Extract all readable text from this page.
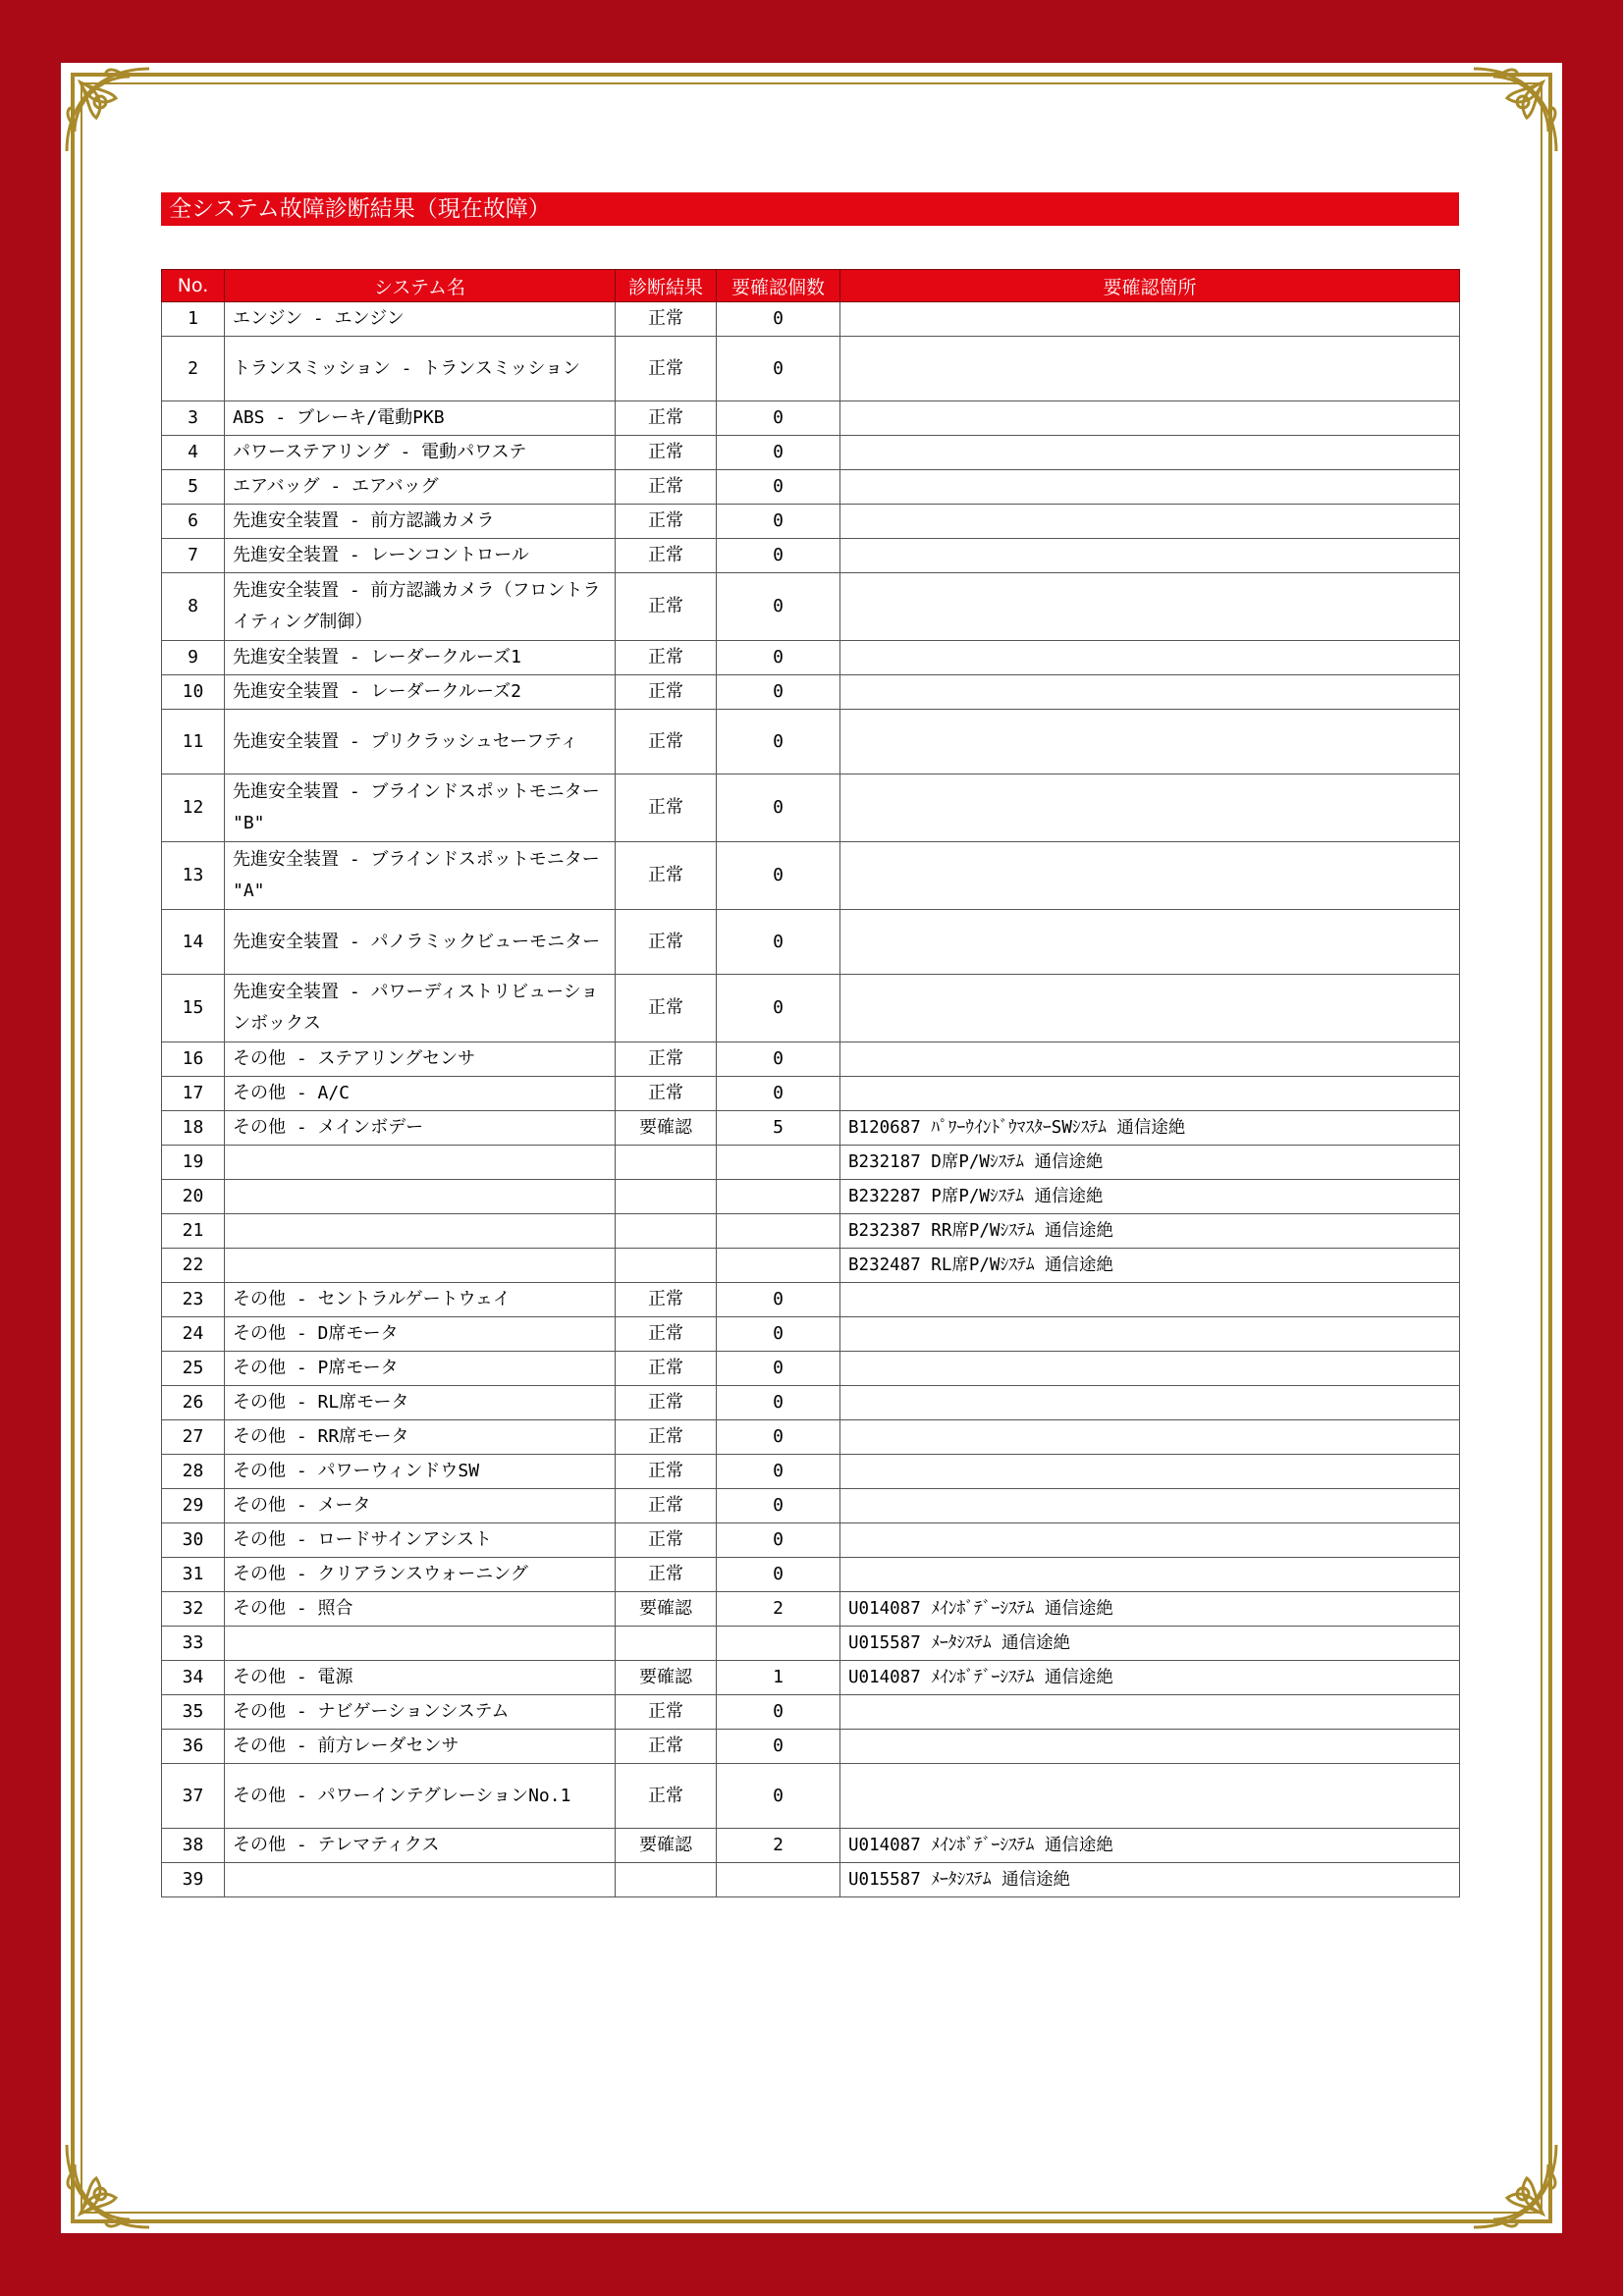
全システム故障診断結果（現在故障）
No.	システム名	診断結果	要確認個数	要確認箇所
1	エンジン - エンジン	正常	0	
2	トランスミッション - トランスミッション	正常	0	
3	ABS - ブレーキ/電動PKB	正常	0	
4	パワーステアリング - 電動パワステ	正常	0	
5	エアバッグ - エアバッグ	正常	0	
6	先進安全装置 - 前方認識カメラ	正常	0	
7	先進安全装置 - レーンコントロール	正常	0	
8	先進安全装置 - 前方認識カメラ（フロントライティング制御）	正常	0	
9	先進安全装置 - レーダークルーズ1	正常	0	
10	先進安全装置 - レーダークルーズ2	正常	0	
11	先進安全装置 - プリクラッシュセーフティ	正常	0	
12	先進安全装置 - ブラインドスポットモニター "B"	正常	0	
13	先進安全装置 - ブラインドスポットモニター "A"	正常	0	
14	先進安全装置 - パノラミックビューモニター	正常	0	
15	先進安全装置 - パワーディストリビューションボックス	正常	0	
16	その他 - ステアリングセンサ	正常	0	
17	その他 - A/C	正常	0	
18	その他 - メインボデー	要確認	5	B120687 ﾊﾟﾜｰｳｲﾝﾄﾞｳﾏｽﾀｰSWｼｽﾃﾑ 通信途絶
19				B232187 D席P/Wｼｽﾃﾑ 通信途絶
20				B232287 P席P/Wｼｽﾃﾑ 通信途絶
21				B232387 RR席P/Wｼｽﾃﾑ 通信途絶
22				B232487 RL席P/Wｼｽﾃﾑ 通信途絶
23	その他 - セントラルゲートウェイ	正常	0	
24	その他 - D席モータ	正常	0	
25	その他 - P席モータ	正常	0	
26	その他 - RL席モータ	正常	0	
27	その他 - RR席モータ	正常	0	
28	その他 - パワーウィンドウSW	正常	0	
29	その他 - メータ	正常	0	
30	その他 - ロードサインアシスト	正常	0	
31	その他 - クリアランスウォーニング	正常	0	
32	その他 - 照合	要確認	2	U014087 ﾒｲﾝﾎﾞﾃﾞｰｼｽﾃﾑ 通信途絶
33				U015587 ﾒｰﾀｼｽﾃﾑ 通信途絶
34	その他 - 電源	要確認	1	U014087 ﾒｲﾝﾎﾞﾃﾞｰｼｽﾃﾑ 通信途絶
35	その他 - ナビゲーションシステム	正常	0	
36	その他 - 前方レーダセンサ	正常	0	
37	その他 - パワーインテグレーションNo.1	正常	0	
38	その他 - テレマティクス	要確認	2	U014087 ﾒｲﾝﾎﾞﾃﾞｰｼｽﾃﾑ 通信途絶
39				U015587 ﾒｰﾀｼｽﾃﾑ 通信途絶
